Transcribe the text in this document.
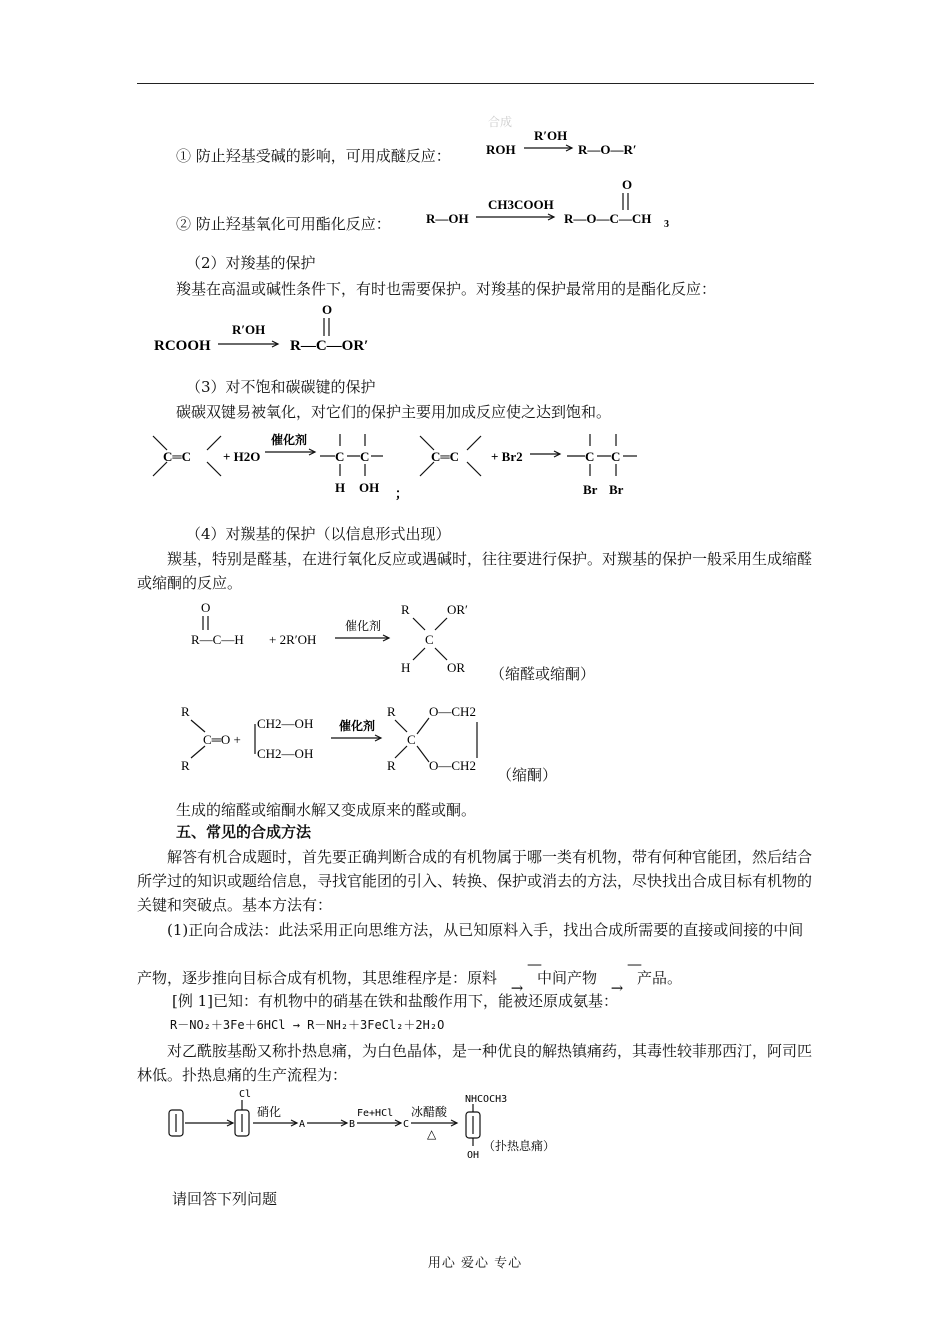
① 防止羟基受碱的影响，可用成醚反应：
合成
ROH
R′OH
R—O—R′
② 防止羟基氧化可用酯化反应：	R—OH
CH3COOH
R—O—C—CH 3
O
（2）对羧基的保护
羧基在高温或碱性条件下，有时也需要保护。对羧基的保护最常用的是酯化反应：
RCOOH
R′OH
R—C—OR′
O
（3）对不饱和碳碳键的保护
碳碳双键易被氧化，对它们的保护主要用加成反应使之达到饱和。
C═C + H2O
催化剂
C C
H OH ；
C═C + Br2	C C
Br Br
（4）对羰基的保护（以信息形式出现）
羰基，特别是醛基，在进行氧化反应或遇碱时，往往要进行保护。对羰基的保护一般采用生成缩醛或缩酮的反应。
O
R—C—H + 2R′OH
催化剂
R	OR′
C
H	OR （缩醛或缩酮）
R
R
C═O +
CH2—OH
CH2—OH
催化剂
R
R
C
O—CH2
O—CH2
（缩酮）
生成的缩醛或缩酮水解又变成原来的醛或酮。
五、常见的合成方法
解答有机合成题时，首先要正确判断合成的有机物属于哪一类有机物，带有何种官能团，然后结合所学过的知识或题给信息，寻找官能团的引入、转换、保护或消去的方法，尽快找出合成目标有机物的关键和突破点。基本方法有：
(1)正向合成法：此法采用正向思维方法，从已知原料入手，找出合成所需要的直接或间接的中间产物，逐步推向目标合成有机物，其思维程序是：原料—→中间产物—→产品。
[例 1]已知：有机物中的硝基在铁和盐酸作用下，能被还原成氨基：
R－NO₂＋3Fe＋6HCl → R－NH₂＋3FeCl₂＋2H₂O
对乙酰胺基酚又称扑热息痛，为白色晶体，是一种优良的解热镇痛药，其毒性较菲那西汀，阿司匹林低。扑热息痛的生产流程为：
Cl
硝化
A	B
Fe+HCl
C
冰醋酸
△
NHCOCH3
OH
（扑热息痛）
请回答下列问题
用心 爱心 专心
